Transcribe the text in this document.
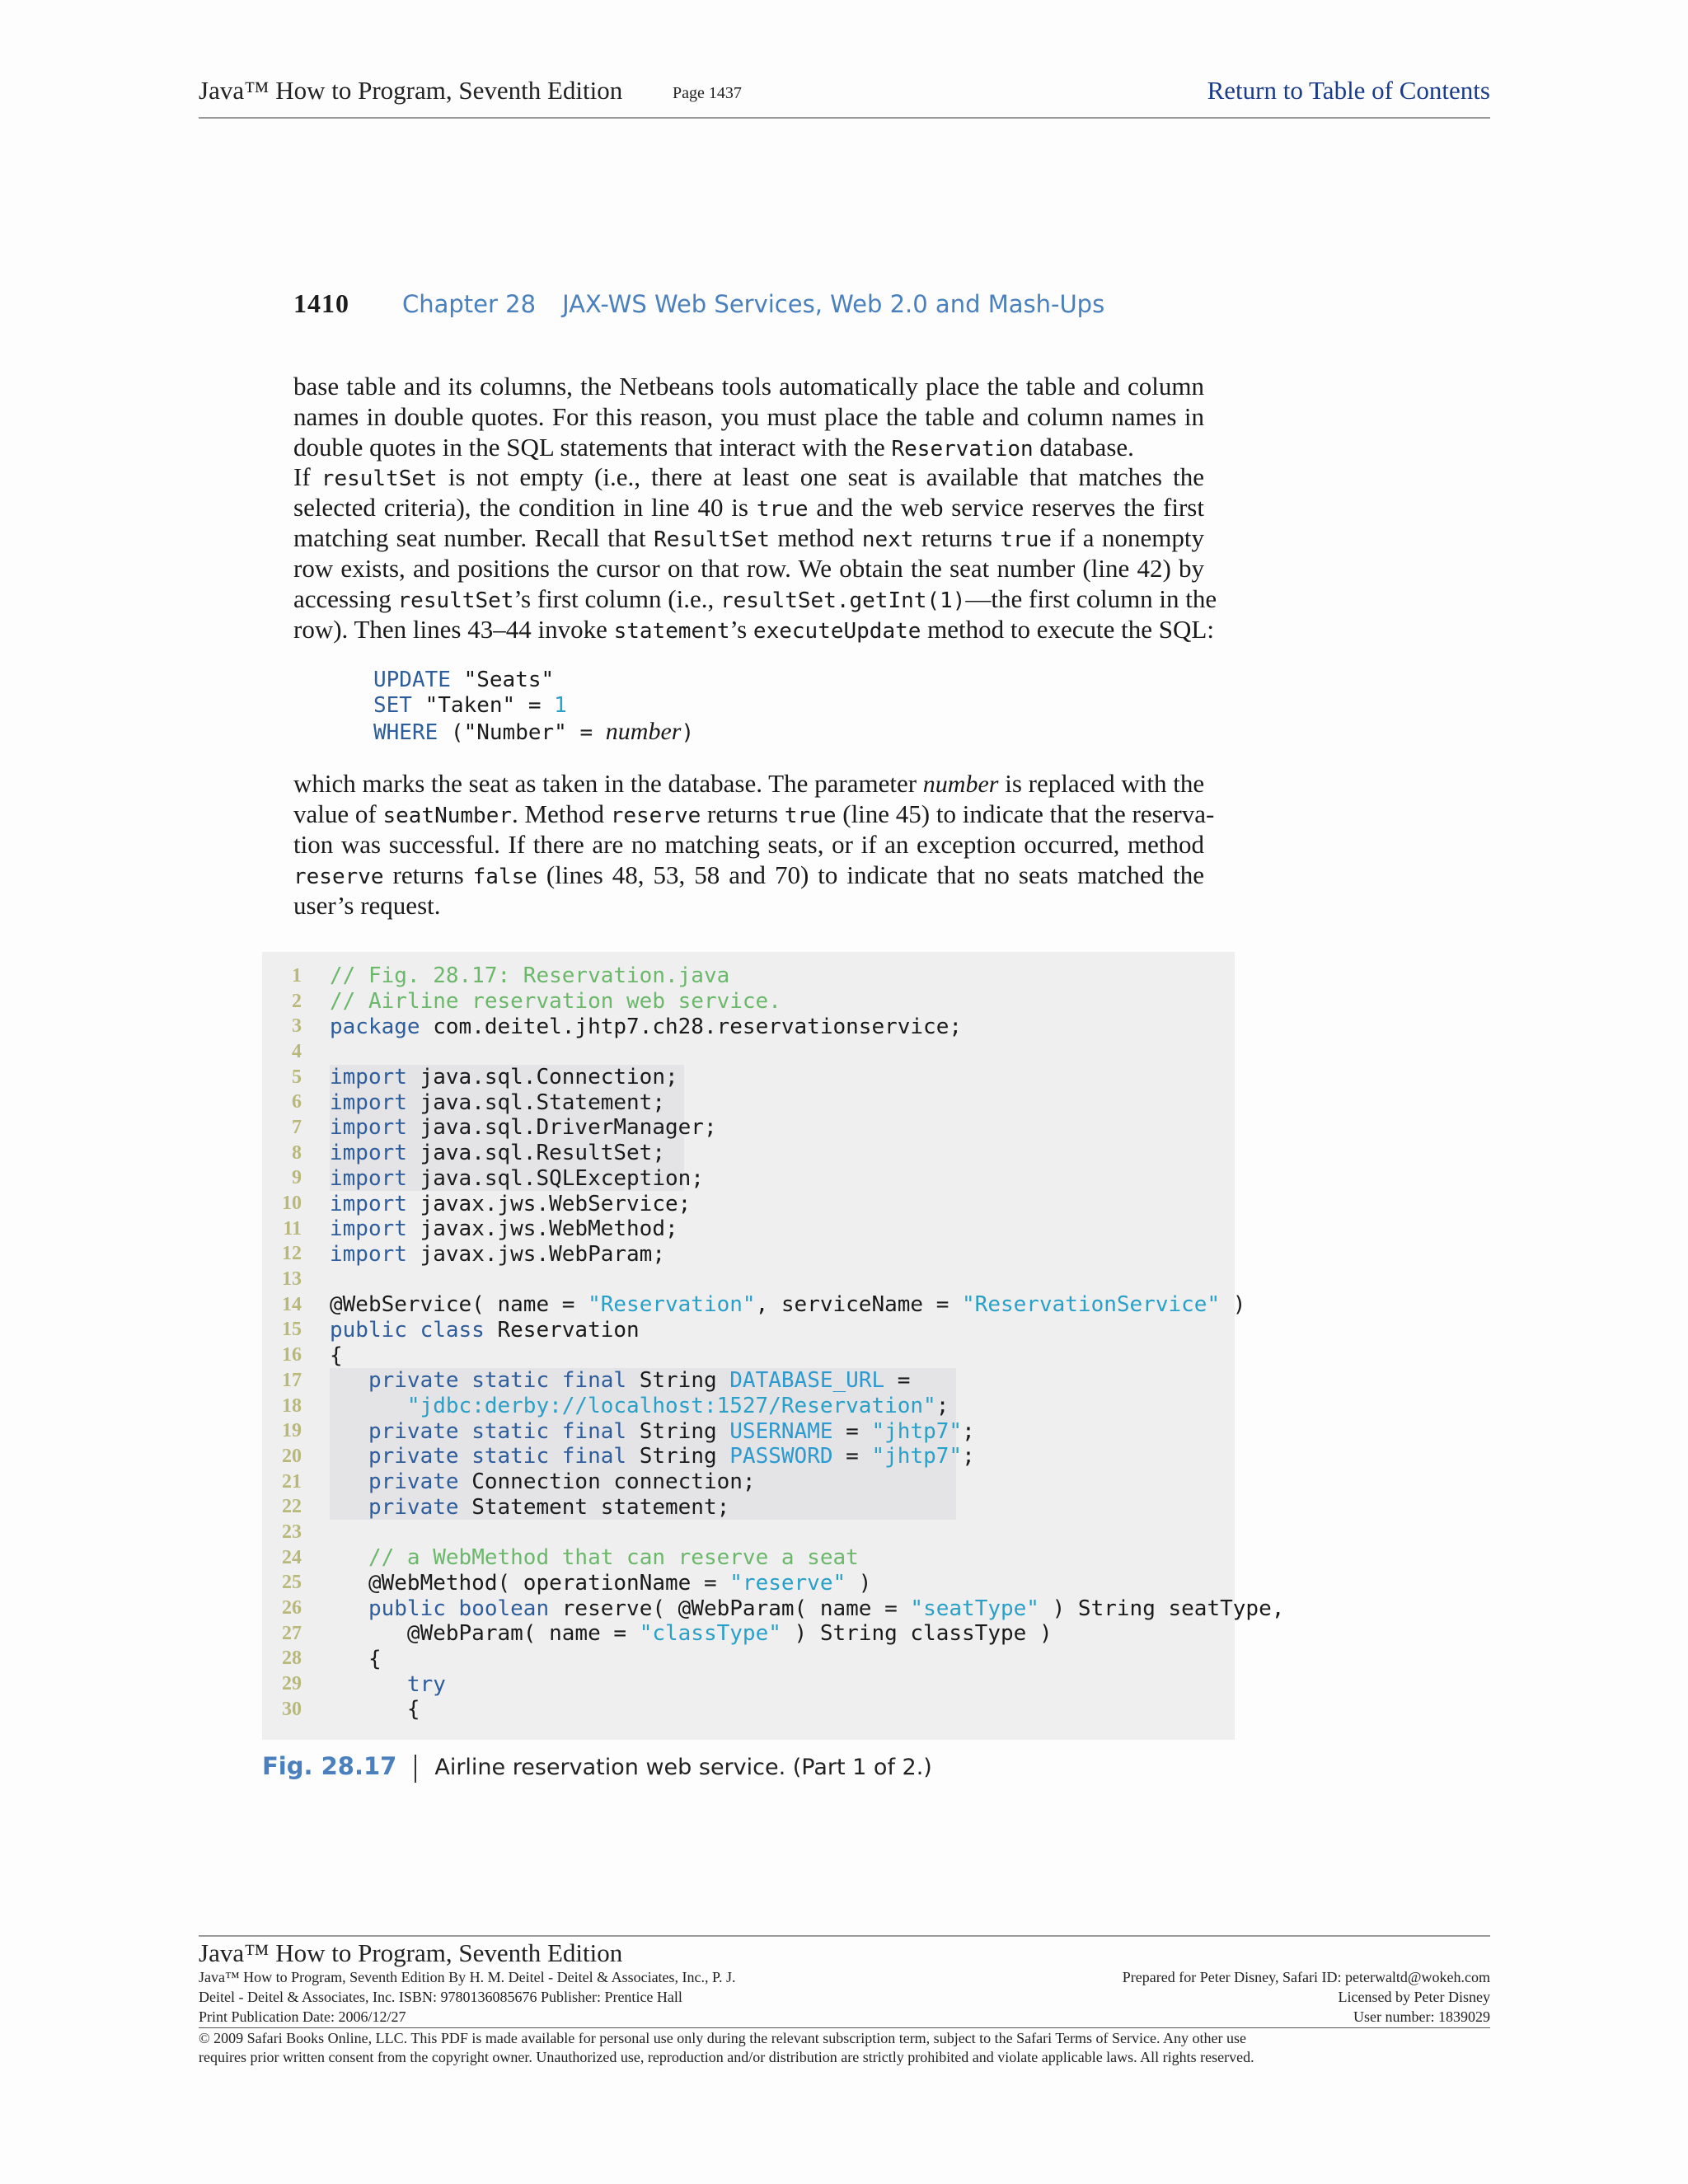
Java™ How to Program, Seventh Edition	Page 1437	Return to Table of Contents
1410 Chapter 28 JAX-WS Web Services, Web 2.0 and Mash-Ups
base table and its columns, the Netbeans tools automatically place the table and column
names in double quotes. For this reason, you must place the table and column names in
double quotes in the SQL statements that interact with the Reservation database.
If resultSet is not empty (i.e., there at least one seat is available that matches the
selected criteria), the condition in line 40 is true and the web service reserves the first
matching seat number. Recall that ResultSet method next returns true if a nonempty
row exists, and positions the cursor on that row. We obtain the seat number (line 42) by
accessing resultSet’s first column (i.e., resultSet.getInt(1)—the first column in the
row). Then lines 43–44 invoke statement’s executeUpdate method to execute the SQL:
UPDATE "Seats"
SET "Taken" = 1
WHERE ("Number" = number)
which marks the seat as taken in the database. The parameter number is replaced with the
value of seatNumber. Method reserve returns true (line 45) to indicate that the reserva-
tion was successful. If there are no matching seats, or if an exception occurred, method
reserve returns false (lines 48, 53, 58 and 70) to indicate that no seats matched the
user’s request.
1 // Fig. 28.17: Reservation.java
2 // Airline reservation web service.
3 package com.deitel.jhtp7.ch28.reservationservice;
4
5 import java.sql.Connection;
6 import java.sql.Statement;
7 import java.sql.DriverManager;
8 import java.sql.ResultSet;
9 import java.sql.SQLException;
10 import javax.jws.WebService;
11 import javax.jws.WebMethod;
12 import javax.jws.WebParam;
13
14 @WebService( name = "Reservation", serviceName = "ReservationService" )
15 public class Reservation
16 {
17	private static final String DATABASE_URL =
18	"jdbc:derby://localhost:1527/Reservation";
19	private static final String USERNAME = "jhtp7";
20	private static final String PASSWORD = "jhtp7";
21	private Connection connection;
22	private Statement statement;
23
24	// a WebMethod that can reserve a seat
25 @WebMethod( operationName = "reserve" )
26	public boolean reserve( @WebParam( name = "seatType" ) String seatType,
27 @WebParam( name = "classType" ) String classType )
28 {
29	try
30 {
Fig. 28.17 Airline reservation web service. (Part 1 of 2.)
Java™ How to Program, Seventh Edition
Java™ How to Program, Seventh Edition By H. M. Deitel - Deitel & Associates, Inc., P. J.
Deitel - Deitel & Associates, Inc. ISBN: 9780136085676 Publisher: Prentice Hall
Print Publication Date: 2006/12/27
Prepared for Peter Disney, Safari ID: peterwaltd@wokeh.com
Licensed by Peter Disney
User number: 1839029
© 2009 Safari Books Online, LLC. This PDF is made available for personal use only during the relevant subscription term, subject to the Safari Terms of Service. Any other use
requires prior written consent from the copyright owner. Unauthorized use, reproduction and/or distribution are strictly prohibited and violate applicable laws. All rights reserved.
